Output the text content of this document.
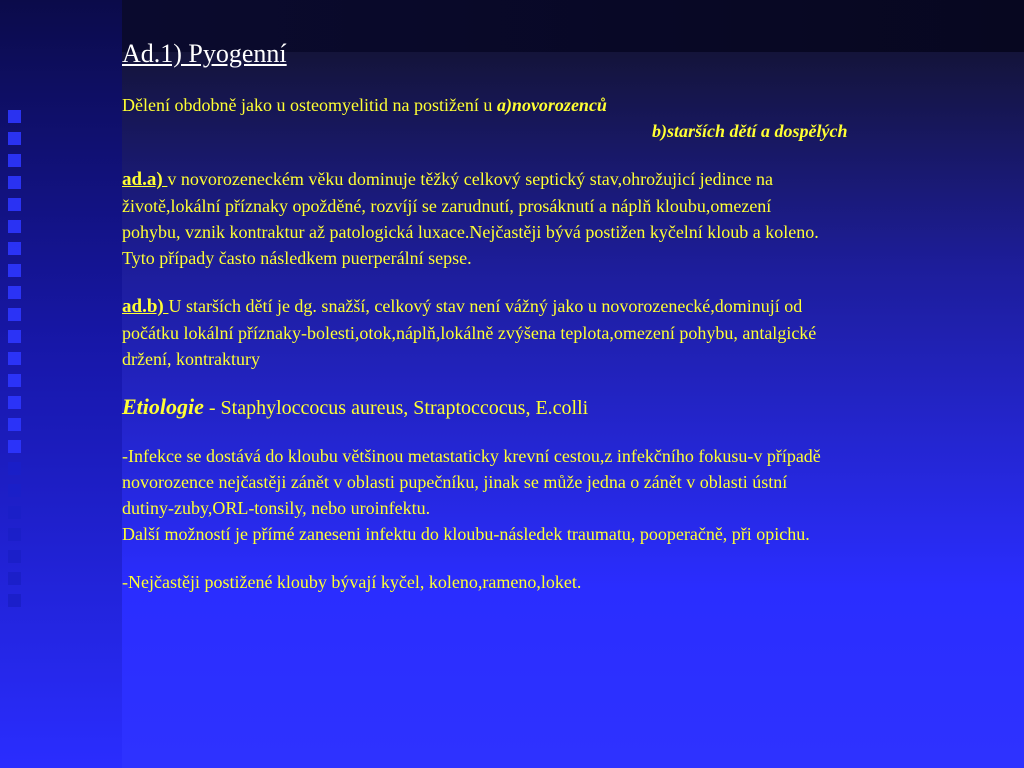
Ad.1) Pyogenní

Dělení obdobně jako u osteomyelitid na postižení u a)novorozenců

b)starších dětí a dospělých

ad.a) v novorozeneckém věku dominuje těžký celkový septický stav,ohrožujicí jedince na
životě,lokální příznaky opožděné, rozvíjí se zarudnutí, prosáknutí a náplň kloubu,omezení
pohybu, vznik kontraktur až patologická luxace.Nejčastěji bývá postižen kyčelní kloub a koleno.
Tyto případy často následkem puerperální sepse.

ad.b) U starších dětí je dg. snažší, celkový stav není vážný jako u novorozenecké,dominují od
počátku lokální příznaky-bolesti,otok,náplň,lokálně zvýšena teplota,omezení pohybu, antalgické
držení, kontraktury

Etiologie - Staphyloccocus aureus, Straptoccocus, E.colli

-Infekce se dostává do kloubu většinou metastaticky krevní cestou,z infekčního fokusu-v případě
novorozence nejčastěji zánět v oblasti pupečníku, jinak se může jedna o zánět v oblasti ústní
dutiny-zuby,ORL-tonsily, nebo uroinfektu.
Další možností je přímé zaneseni infektu do kloubu-následek traumatu, pooperačně, při opichu.

-Nejčastěji postižené klouby bývají kyčel, koleno,rameno,loket.
